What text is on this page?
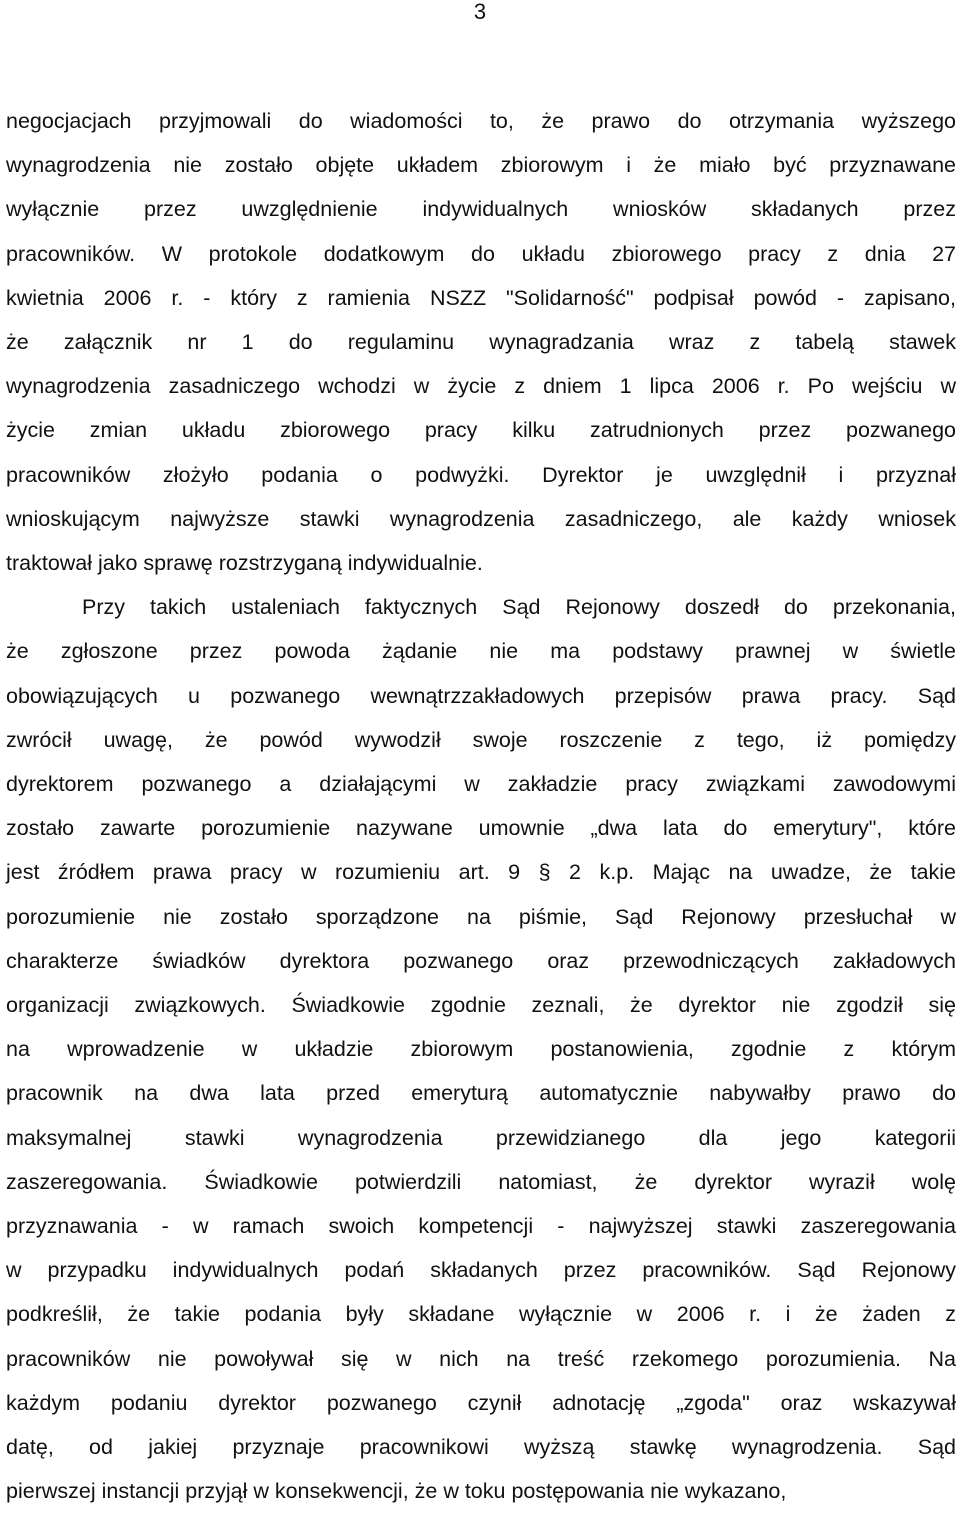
3

negocjacjach przyjmowali do wiadomości to, że prawo do otrzymania wyższego
wynagrodzenia nie zostało objęte układem zbiorowym i że miało być przyznawane
wyłącznie przez uwzględnienie indywidualnych wniosków składanych przez
pracowników. W protokole dodatkowym do układu zbiorowego pracy z dnia 27
kwietnia 2006 r. - który z ramienia NSZZ "Solidarność" podpisał powód - zapisano,
że załącznik nr 1 do regulaminu wynagradzania wraz z tabelą stawek
wynagrodzenia zasadniczego wchodzi w życie z dniem 1 lipca 2006 r. Po wejściu w
życie zmian układu zbiorowego pracy kilku zatrudnionych przez pozwanego
pracowników złożyło podania o podwyżki. Dyrektor je uwzględnił i przyznał
wnioskującym najwyższe stawki wynagrodzenia zasadniczego, ale każdy wniosek
traktował jako sprawę rozstrzyganą indywidualnie.

Przy takich ustaleniach faktycznych Sąd Rejonowy doszedł do przekonania,
że zgłoszone przez powoda żądanie nie ma podstawy prawnej w świetle
obowiązujących u pozwanego wewnątrzzakładowych przepisów prawa pracy. Sąd
zwrócił uwagę, że powód wywodził swoje roszczenie z tego, iż pomiędzy
dyrektorem pozwanego a działającymi w zakładzie pracy związkami zawodowymi
zostało zawarte porozumienie nazywane umownie „dwa lata do emerytury", które
jest źródłem prawa pracy w rozumieniu art. 9 § 2 k.p. Mając na uwadze, że takie
porozumienie nie zostało sporządzone na piśmie, Sąd Rejonowy przesłuchał w
charakterze świadków dyrektora pozwanego oraz przewodniczących zakładowych
organizacji związkowych. Świadkowie zgodnie zeznali, że dyrektor nie zgodził się
na wprowadzenie w układzie zbiorowym postanowienia, zgodnie z którym
pracownik na dwa lata przed emeryturą automatycznie nabywałby prawo do
maksymalnej stawki wynagrodzenia przewidzianego dla jego kategorii
zaszeregowania. Świadkowie potwierdzili natomiast, że dyrektor wyraził wolę
przyznawania - w ramach swoich kompetencji - najwyższej stawki zaszeregowania
w przypadku indywidualnych podań składanych przez pracowników. Sąd Rejonowy
podkreślił, że takie podania były składane wyłącznie w 2006 r. i że żaden z
pracowników nie powoływał się w nich na treść rzekomego porozumienia. Na
każdym podaniu dyrektor pozwanego czynił adnotację „zgoda" oraz wskazywał
datę, od jakiej przyznaje pracownikowi wyższą stawkę wynagrodzenia. Sąd
pierwszej instancji przyjął w konsekwencji, że w toku postępowania nie wykazano,
